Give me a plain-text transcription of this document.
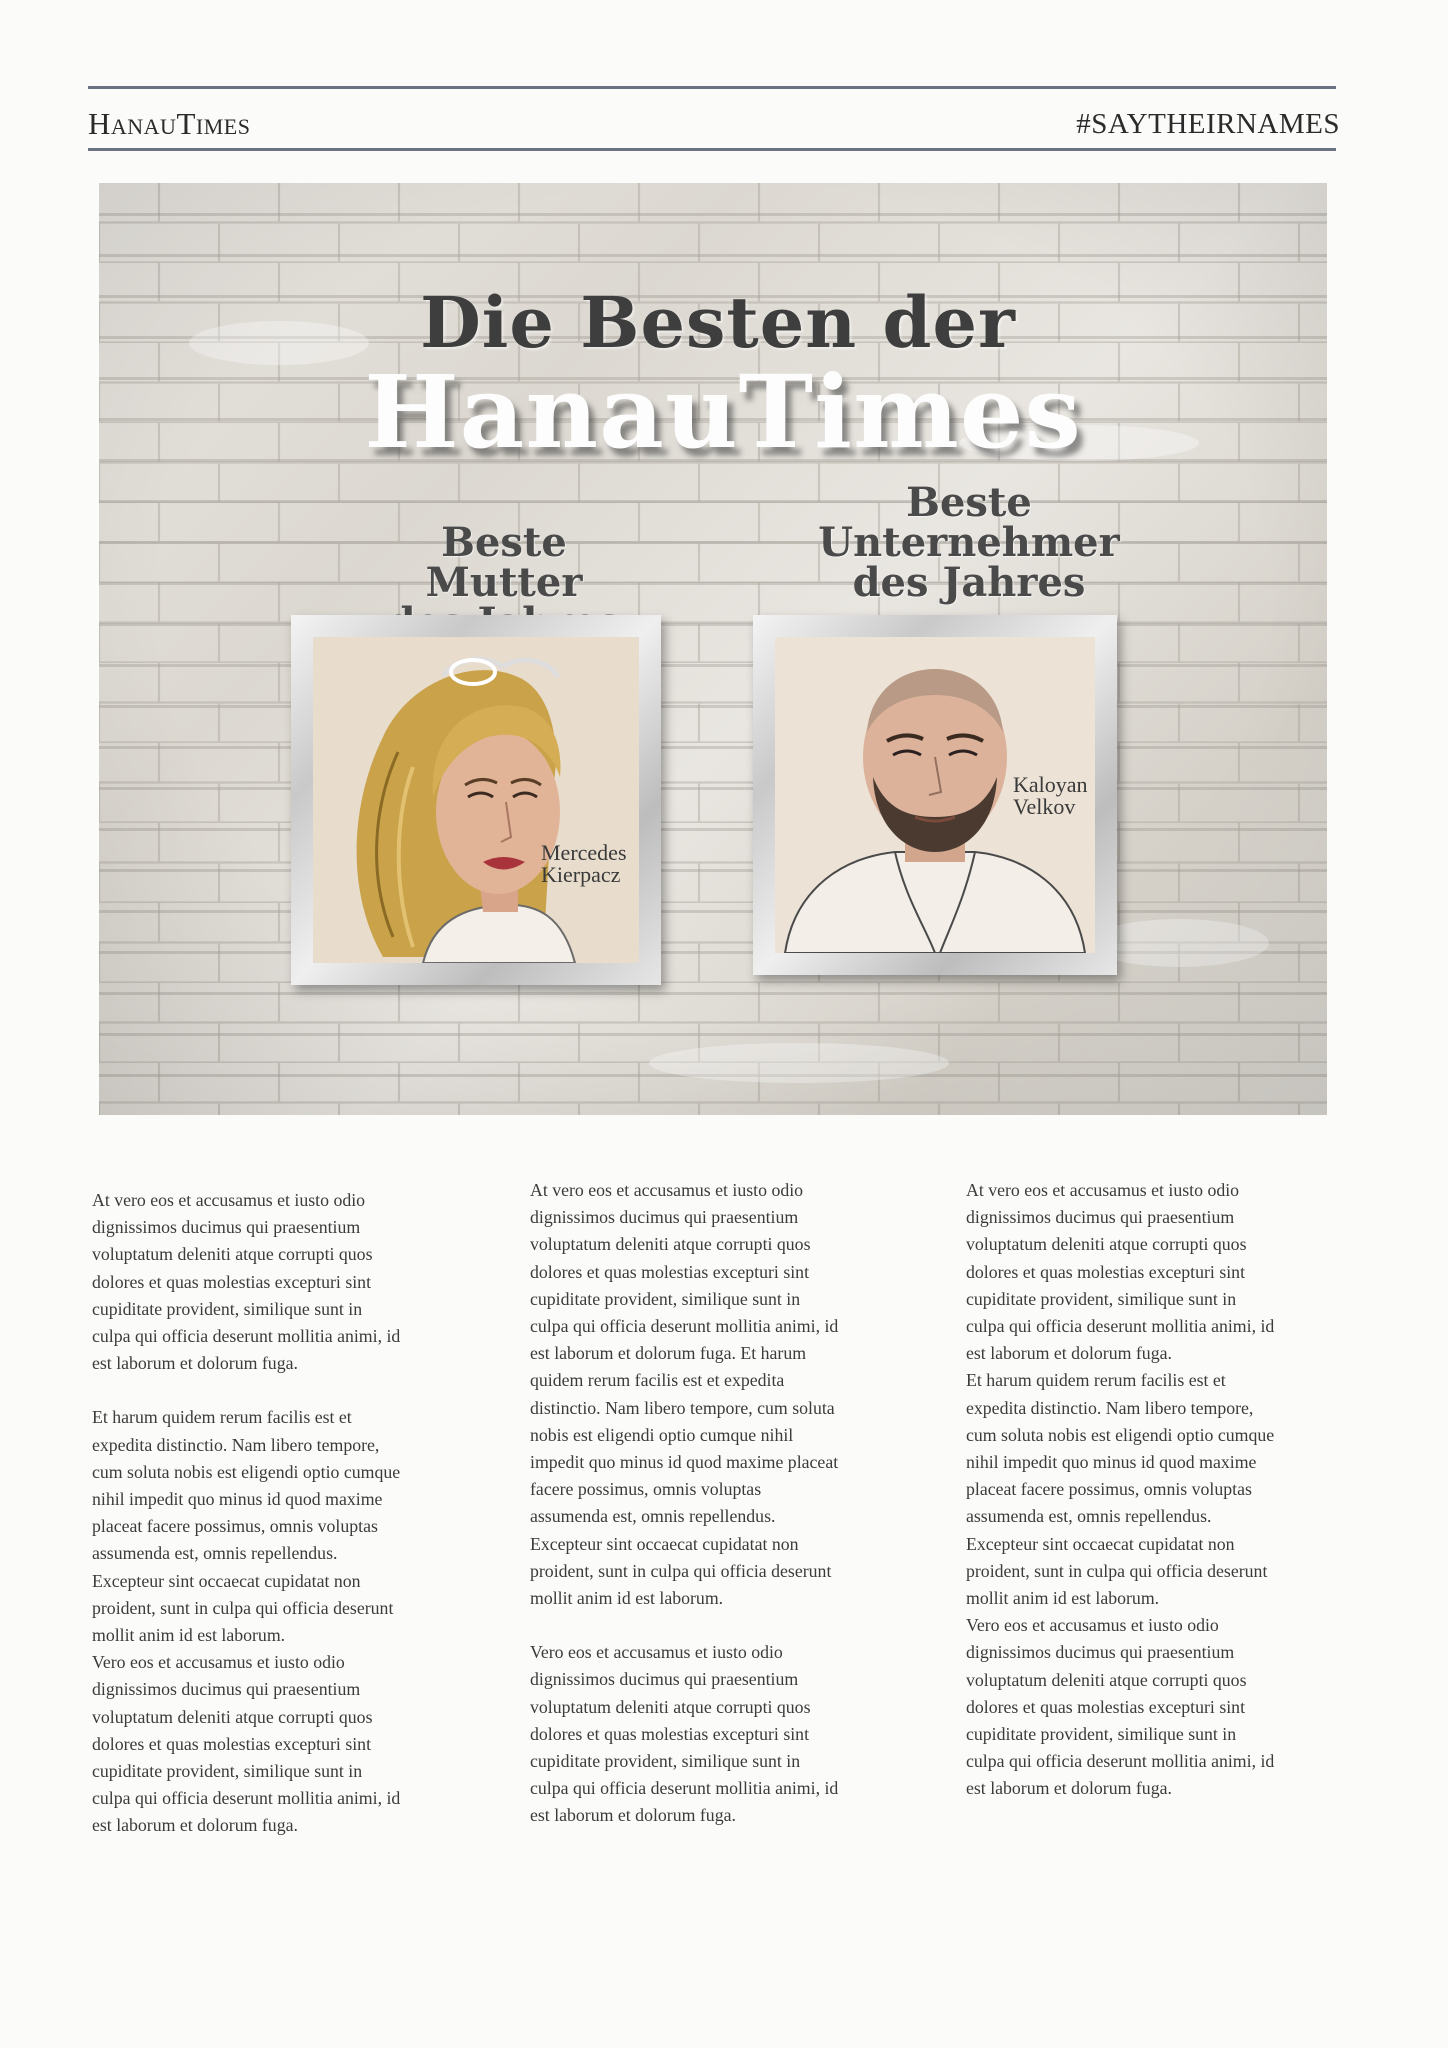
HanauTimes	#SAYTHEIRNAMES
Die Besten der
HanauTimes
Beste Mutter
Beste
Unternehmer
des Jahres
Mercedes
Kierpacz
Kaloyan
Velkov

At vero eos et accusamus et iusto odio
dignissimos ducimus qui praesentium
voluptatum deleniti atque corrupti quos
dolores et quas molestias excepturi sint
cupiditate provident, similique sunt in
culpa qui officia deserunt mollitia animi, id
est laborum et dolorum fuga.

Et harum quidem rerum facilis est et
expedita distinctio. Nam libero tempore,
cum soluta nobis est eligendi optio cumque
nihil impedit quo minus id quod maxime
placeat facere possimus, omnis voluptas
assumenda est, omnis repellendus.
Excepteur sint occaecat cupidatat non
proident, sunt in culpa qui officia deserunt
mollit anim id est laborum.
Vero eos et accusamus et iusto odio
dignissimos ducimus qui praesentium
voluptatum deleniti atque corrupti quos
dolores et quas molestias excepturi sint
cupiditate provident, similique sunt in
culpa qui officia deserunt mollitia animi, id
est laborum et dolorum fuga.

At vero eos et accusamus et iusto odio
dignissimos ducimus qui praesentium
voluptatum deleniti atque corrupti quos
dolores et quas molestias excepturi sint
cupiditate provident, similique sunt in
culpa qui officia deserunt mollitia animi, id
est laborum et dolorum fuga. Et harum
quidem rerum facilis est et expedita
distinctio. Nam libero tempore, cum soluta
nobis est eligendi optio cumque nihil
impedit quo minus id quod maxime placeat
facere possimus, omnis voluptas
assumenda est, omnis repellendus.
Excepteur sint occaecat cupidatat non
proident, sunt in culpa qui officia deserunt
mollit anim id est laborum.

Vero eos et accusamus et iusto odio
dignissimos ducimus qui praesentium
voluptatum deleniti atque corrupti quos
dolores et quas molestias excepturi sint
cupiditate provident, similique sunt in
culpa qui officia deserunt mollitia animi, id
est laborum et dolorum fuga.

At vero eos et accusamus et iusto odio
dignissimos ducimus qui praesentium
voluptatum deleniti atque corrupti quos
dolores et quas molestias excepturi sint
cupiditate provident, similique sunt in
culpa qui officia deserunt mollitia animi, id
est laborum et dolorum fuga.
Et harum quidem rerum facilis est et
expedita distinctio. Nam libero tempore,
cum soluta nobis est eligendi optio cumque
nihil impedit quo minus id quod maxime
placeat facere possimus, omnis voluptas
assumenda est, omnis repellendus.
Excepteur sint occaecat cupidatat non
proident, sunt in culpa qui officia deserunt
mollit anim id est laborum.
Vero eos et accusamus et iusto odio
dignissimos ducimus qui praesentium
voluptatum deleniti atque corrupti quos
dolores et quas molestias excepturi sint
cupiditate provident, similique sunt in
culpa qui officia deserunt mollitia animi, id
est laborum et dolorum fuga.
